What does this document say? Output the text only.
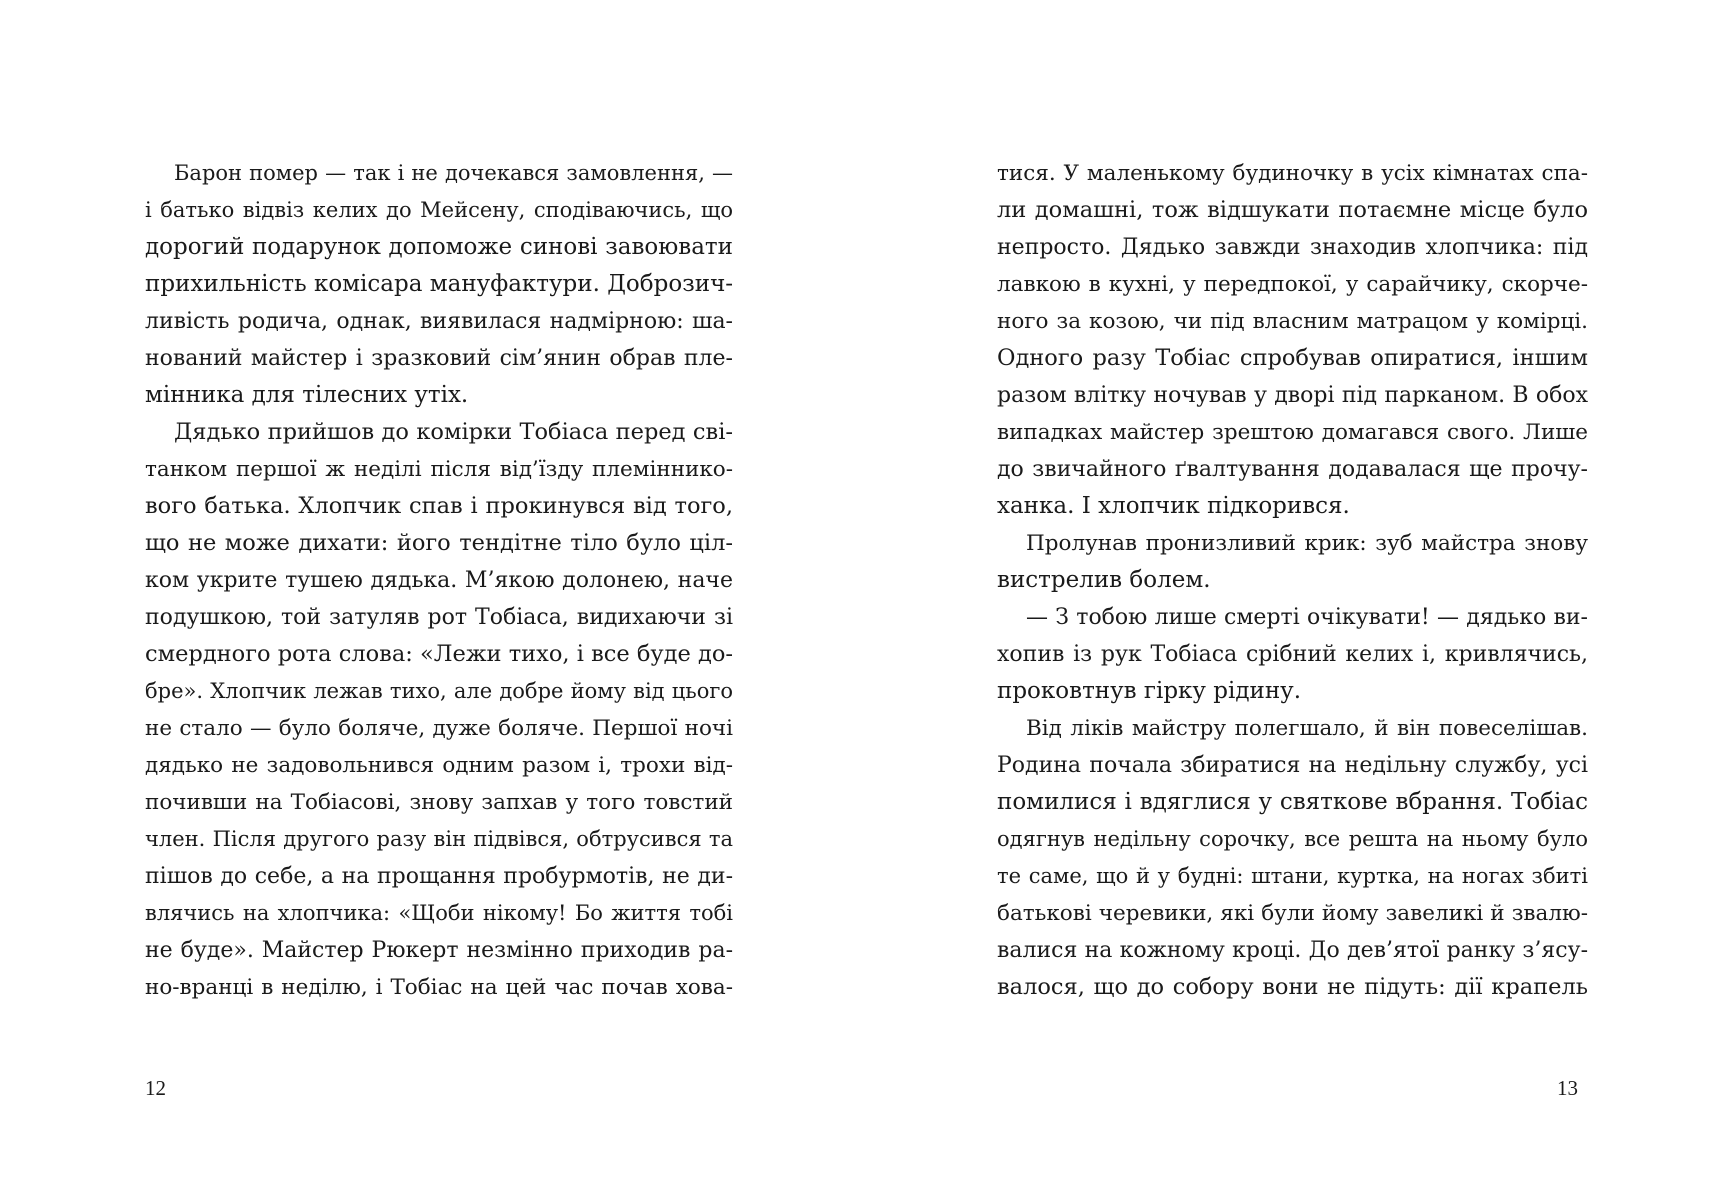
Барон помер — так і не дочекався замовлення, —
і батько відвіз келих до Мейсену, сподіваючись, що
дорогий подарунок допоможе синові завоювати
прихильність комісара мануфактури. Доброзич-
ливість родича, однак, виявилася надмірною: ша-
нований майстер і зразковий сім’янин обрав пле-
мінника для тілесних утіх.
Дядько прийшов до комірки Тобіаса перед сві-
танком першої ж неділі після від’їзду племіннико-
вого батька. Хлопчик спав і прокинувся від того,
що не може дихати: його тендітне тіло було ціл-
ком укрите тушею дядька. М’якою долонею, наче
подушкою, той затуляв рот Тобіаса, видихаючи зі
смердного рота слова: «Лежи тихо, і все буде до-
бре». Хлопчик лежав тихо, але добре йому від цього
не стало — було боляче, дуже боляче. Першої ночі
дядько не задовольнився одним разом і, трохи від-
почивши на Тобіасові, знову запхав у того товстий
член. Після другого разу він підвівся, обтрусився та
пішов до себе, а на прощання пробурмотів, не ди-
влячись на хлопчика: «Щоби нікому! Бо життя тобі
не буде». Майстер Рюкерт незмінно приходив ра-
но-вранці в неділю, і Тобіас на цей час почав хова-
тися. У маленькому будиночку в усіх кімнатах спа-
ли домашні, тож відшукати потаємне місце було
непросто. Дядько завжди знаходив хлопчика: під
лавкою в кухні, у передпокої, у сарайчику, скорче-
ного за козою, чи під власним матрацом у комірці.
Одного разу Тобіас спробував опиратися, іншим
разом влітку ночував у дворі під парканом. В обох
випадках майстер зрештою домагався свого. Лише
до звичайного ґвалтування додавалася ще прочу-
ханка. І хлопчик підкорився.
Пролунав пронизливий крик: зуб майстра знову
вистрелив болем.
— З тобою лише смерті очікувати! — дядько ви-
хопив із рук Тобіаса срібний келих і, кривлячись,
проковтнув гірку рідину.
Від ліків майстру полегшало, й він повеселішав.
Родина почала збиратися на недільну службу, усі
помилися і вдяглися у святкове вбрання. Тобіас
одягнув недільну сорочку, все решта на ньому було
те саме, що й у будні: штани, куртка, на ногах збиті
батькові черевики, які були йому завеликі й звалю-
валися на кожному кроці. До дев’ятої ранку з’ясу-
валося, що до собору вони не підуть: дії крапель
12	13
